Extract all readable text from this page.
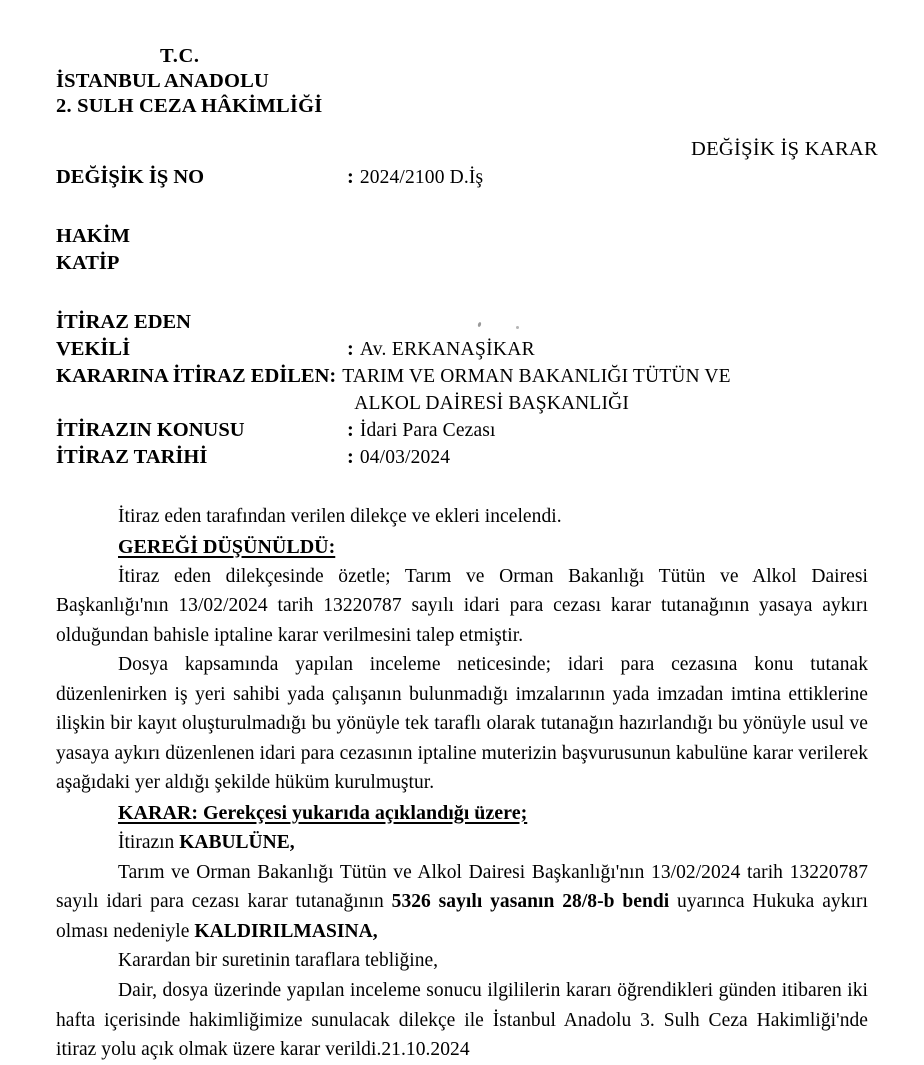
T.C.
İSTANBUL ANADOLU
2. SULH CEZA HÂKİMLİĞİ
DEĞİŞİK İŞ KARAR
DEĞİŞİK İŞ NO	: 2024/2100 D.İş
HAKİM
KATİP
İTİRAZ EDEN
VEKİLİ	: Av. ERKANAŞİKAR
KARARINA İTİRAZ EDİLEN : TARIM VE ORMAN BAKANLIĞI TÜTÜN VE
ALKOL DAİRESİ BAŞKANLIĞI
İTİRAZIN KONUSU	: İdari Para Cezası
İTİRAZ TARİHİ	: 04/03/2024

İtiraz eden tarafından verilen dilekçe ve ekleri incelendi.

GEREĞİ DÜŞÜNÜLDÜ:

İtiraz eden dilekçesinde özetle; Tarım ve Orman Bakanlığı Tütün ve Alkol Dairesi Başkanlığı'nın 13/02/2024 tarih 13220787 sayılı idari para cezası karar tutanağının yasaya aykırı olduğundan bahisle iptaline karar verilmesini talep etmiştir.

Dosya kapsamında yapılan inceleme neticesinde; idari para cezasına konu tutanak düzenlenirken iş yeri sahibi yada çalışanın bulunmadığı imzalarının yada imzadan imtina ettiklerine ilişkin bir kayıt oluşturulmadığı bu yönüyle tek taraflı olarak tutanağın hazırlandığı bu yönüyle usul ve yasaya aykırı düzenlenen idari para cezasının iptaline muterizin başvurusunun kabulüne karar verilerek aşağıdaki yer aldığı şekilde hüküm kurulmuştur.

KARAR: Gerekçesi yukarıda açıklandığı üzere;

İtirazın KABULÜNE,

Tarım ve Orman Bakanlığı Tütün ve Alkol Dairesi Başkanlığı'nın 13/02/2024 tarih 13220787 sayılı idari para cezası karar tutanağının 5326 sayılı yasanın 28/8-b bendi uyarınca Hukuka aykırı olması nedeniyle KALDIRILMASINA,

Karardan bir suretinin taraflara tebliğine,

Dair, dosya üzerinde yapılan inceleme sonucu ilgililerin kararı öğrendikleri günden itibaren iki hafta içerisinde hakimliğimize sunulacak dilekçe ile İstanbul Anadolu 3. Sulh Ceza Hakimliği'nde itiraz yolu açık olmak üzere karar verildi.21.10.2024
